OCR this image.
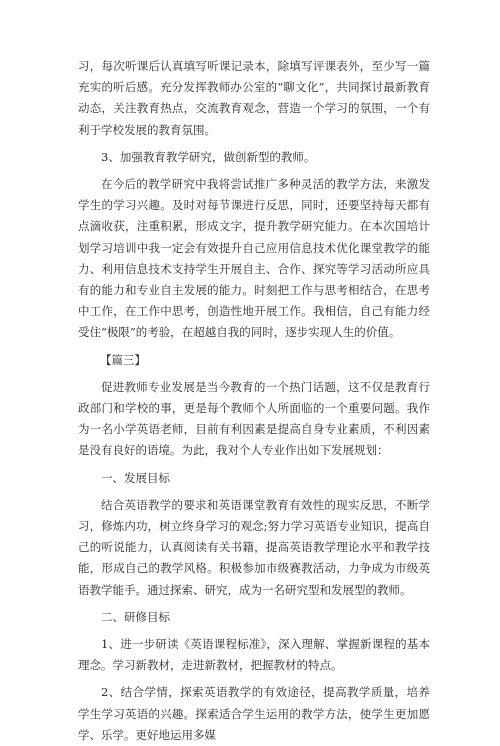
习，每次听课后认真填写听课记录本，除填写评课表外，至少写一篇充实的听后感。充分发挥教师办公室的“聊文化”，共同探讨最新教育动态，关注教育热点，交流教育观念，营造一个学习的氛围，一个有利于学校发展的教育氛围。

3、加强教育教学研究，做创新型的教师。

在今后的教学研究中我将尝试推广多种灵活的教学方法，来激发学生的学习兴趣。及时对每节课进行反思，同时，还要坚持每天都有点滴收获，注重积累，形成文字，提升教学研究能力。在本次国培计划学习培训中我一定会有效提升自己应用信息技术优化课堂教学的能力、利用信息技术支持学生开展自主、合作、探究等学习活动所应具有的能力和专业自主发展的能力。时刻把工作与思考相结合，在思考中工作，在工作中思考，创造性地开展工作。我相信，自己有能力经受住“极限”的考验，在超越自我的同时，逐步实现人生的价值。

【篇三】

促进教师专业发展是当今教育的一个热门话题，这不仅是教育行政部门和学校的事，更是每个教师个人所面临的一个重要问题。我作为一名小学英语老师，目前有利因素是提高自身专业素质，不利因素是没有良好的语境。为此，我对个人专业作出如下发展规划：

一、发展目标

结合英语教学的要求和英语课堂教育有效性的现实反思，不断学习，修炼内功，树立终身学习的观念;努力学习英语专业知识，提高自己的听说能力，认真阅读有关书籍，提高英语教学理论水平和教学技能，形成自己的教学风格。积极参加市级赛教活动，力争成为市级英语教学能手。通过探索、研究，成为一名研究型和发展型的教师。

二、研修目标

1、进一步研读《英语课程标准》，深入理解、掌握新课程的基本理念。学习新教材，走进新教材，把握教材的特点。

2、结合学情，探索英语教学的有效途径，提高教学质量，培养学生学习英语的兴趣。探索适合学生运用的教学方法，使学生更加愿学、乐学。更好地运用多媒
